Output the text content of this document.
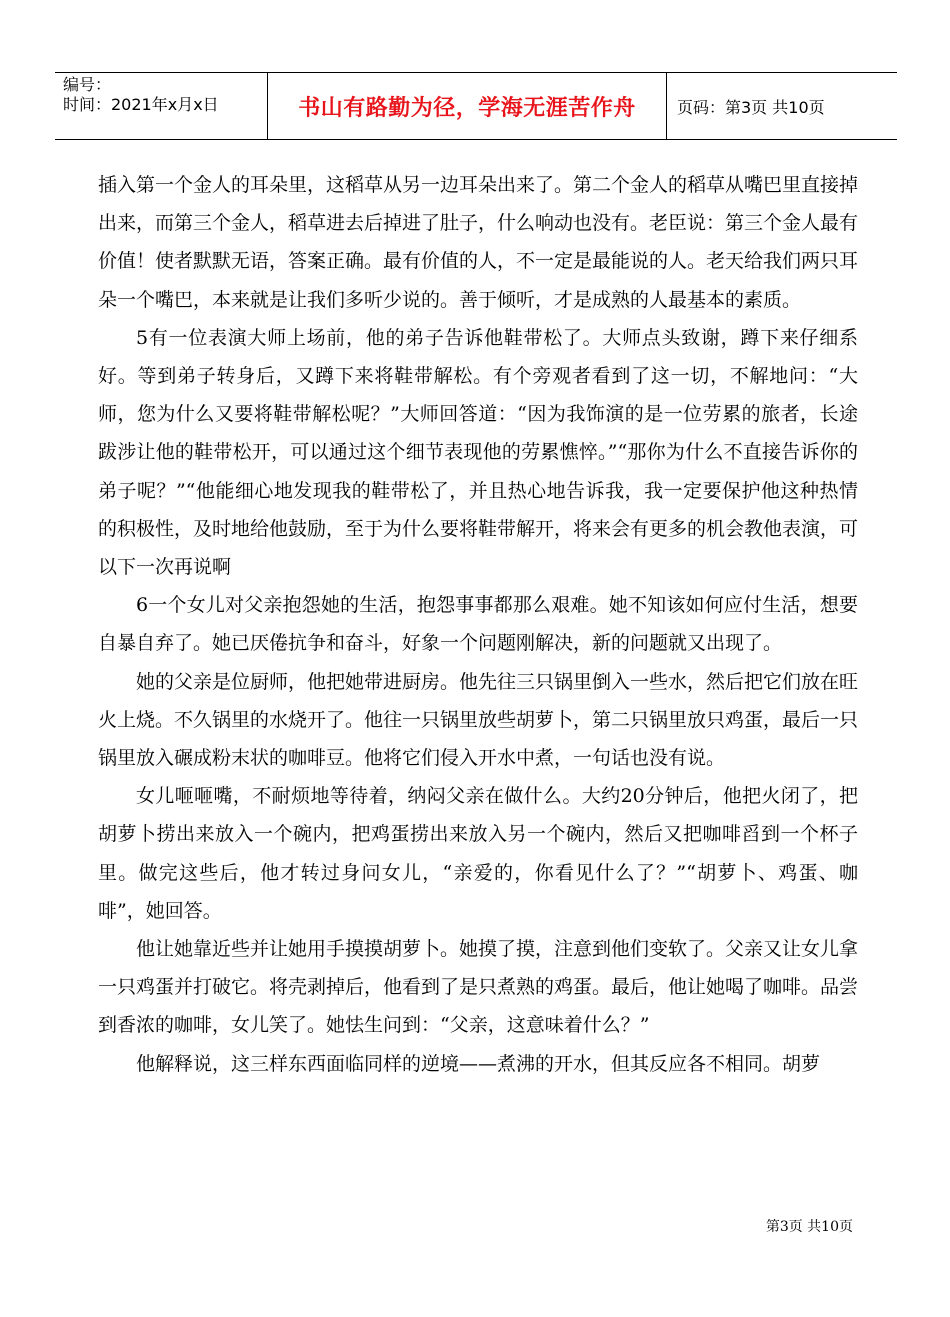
编号：
时间：2021年x月x日	书山有路勤为径，学海无涯苦作舟	页码：第3页 共10页

插入第一个金人的耳朵里，这稻草从另一边耳朵出来了。第二个金人的稻草从嘴巴里直接掉出来，而第三个金人，稻草进去后掉进了肚子，什么响动也没有。老臣说：第三个金人最有价值！使者默默无语，答案正确。最有价值的人，不一定是最能说的人。老天给我们两只耳朵一个嘴巴，本来就是让我们多听少说的。善于倾听，才是成熟的人最基本的素质。

5有一位表演大师上场前，他的弟子告诉他鞋带松了。大师点头致谢，蹲下来仔细系好。等到弟子转身后，又蹲下来将鞋带解松。有个旁观者看到了这一切，不解地问：“大师，您为什么又要将鞋带解松呢？”大师回答道：“因为我饰演的是一位劳累的旅者，长途跋涉让他的鞋带松开，可以通过这个细节表现他的劳累憔悴。”“那你为什么不直接告诉你的弟子呢？”“他能细心地发现我的鞋带松了，并且热心地告诉我，我一定要保护他这种热情的积极性，及时地给他鼓励，至于为什么要将鞋带解开，将来会有更多的机会教他表演，可以下一次再说啊

6一个女儿对父亲抱怨她的生活，抱怨事事都那么艰难。她不知该如何应付生活，想要自暴自弃了。她已厌倦抗争和奋斗，好象一个问题刚解决，新的问题就又出现了。

她的父亲是位厨师，他把她带进厨房。他先往三只锅里倒入一些水，然后把它们放在旺火上烧。不久锅里的水烧开了。他往一只锅里放些胡萝卜，第二只锅里放只鸡蛋，最后一只锅里放入碾成粉末状的咖啡豆。他将它们侵入开水中煮，一句话也没有说。

女儿咂咂嘴，不耐烦地等待着，纳闷父亲在做什么。大约20分钟后，他把火闭了，把胡萝卜捞出来放入一个碗内，把鸡蛋捞出来放入另一个碗内，然后又把咖啡舀到一个杯子里。做完这些后，他才转过身问女儿，“亲爱的，你看见什么了？”“胡萝卜、鸡蛋、咖啡”，她回答。

他让她靠近些并让她用手摸摸胡萝卜。她摸了摸，注意到他们变软了。父亲又让女儿拿一只鸡蛋并打破它。将壳剥掉后，他看到了是只煮熟的鸡蛋。最后，他让她喝了咖啡。品尝到香浓的咖啡，女儿笑了。她怯生问到：“父亲，这意味着什么？”

他解释说，这三样东西面临同样的逆境——煮沸的开水，但其反应各不相同。胡萝

第3页 共10页
